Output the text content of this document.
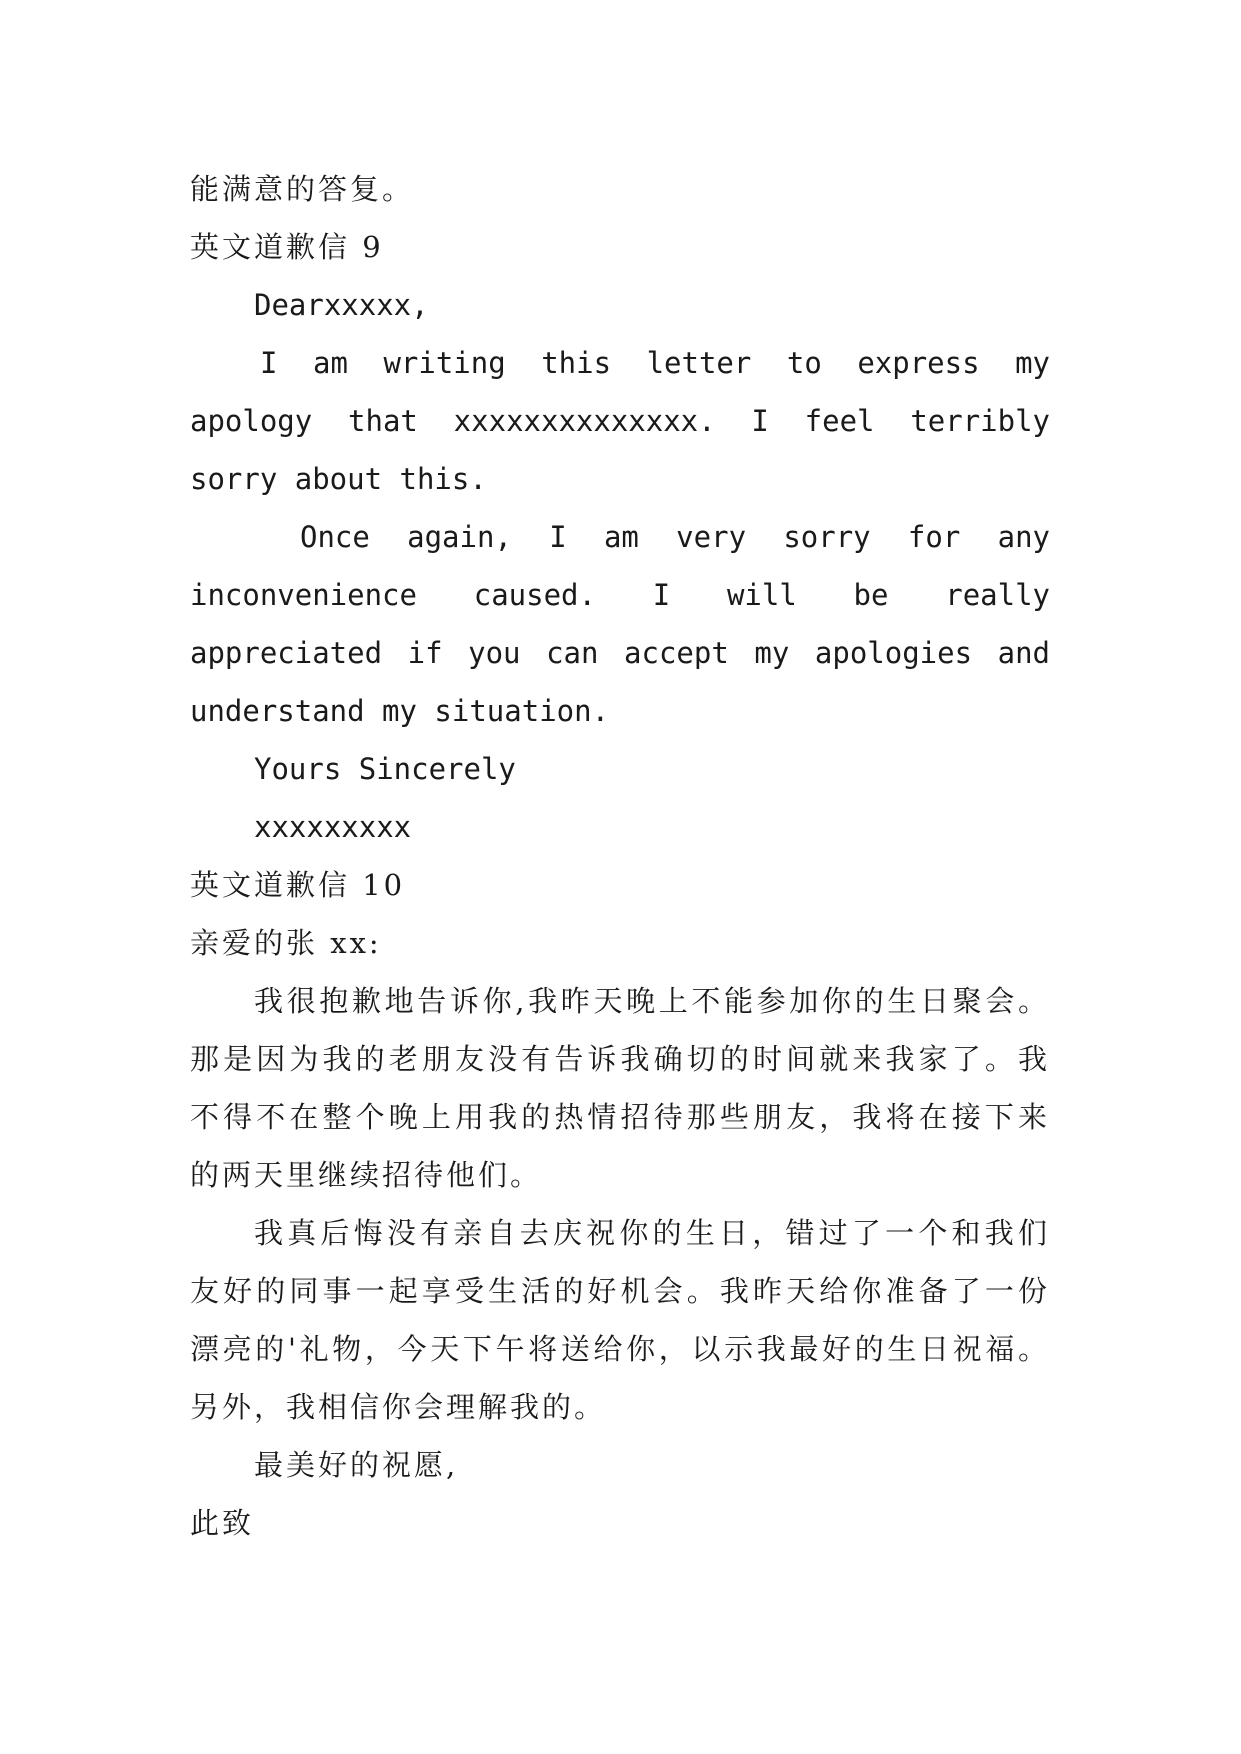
能满意的答复。

英文道歉信 9

Dearxxxxx,

I am writing this letter to express my apology that xxxxxxxxxxxxxx. I feel terribly sorry about this.

Once again, I am very sorry for any inconvenience caused. I will be really appreciated if you can accept my apologies and understand my situation.

Yours Sincerely

xxxxxxxxx

英文道歉信 10

亲爱的张 xx:

我很抱歉地告诉你,我昨天晚上不能参加你的生日聚会。那是因为我的老朋友没有告诉我确切的时间就来我家了。我不得不在整个晚上用我的热情招待那些朋友，我将在接下来的两天里继续招待他们。

我真后悔没有亲自去庆祝你的生日，错过了一个和我们友好的同事一起享受生活的好机会。我昨天给你准备了一份漂亮的'礼物，今天下午将送给你，以示我最好的生日祝福。另外，我相信你会理解我的。

最美好的祝愿,

此致
